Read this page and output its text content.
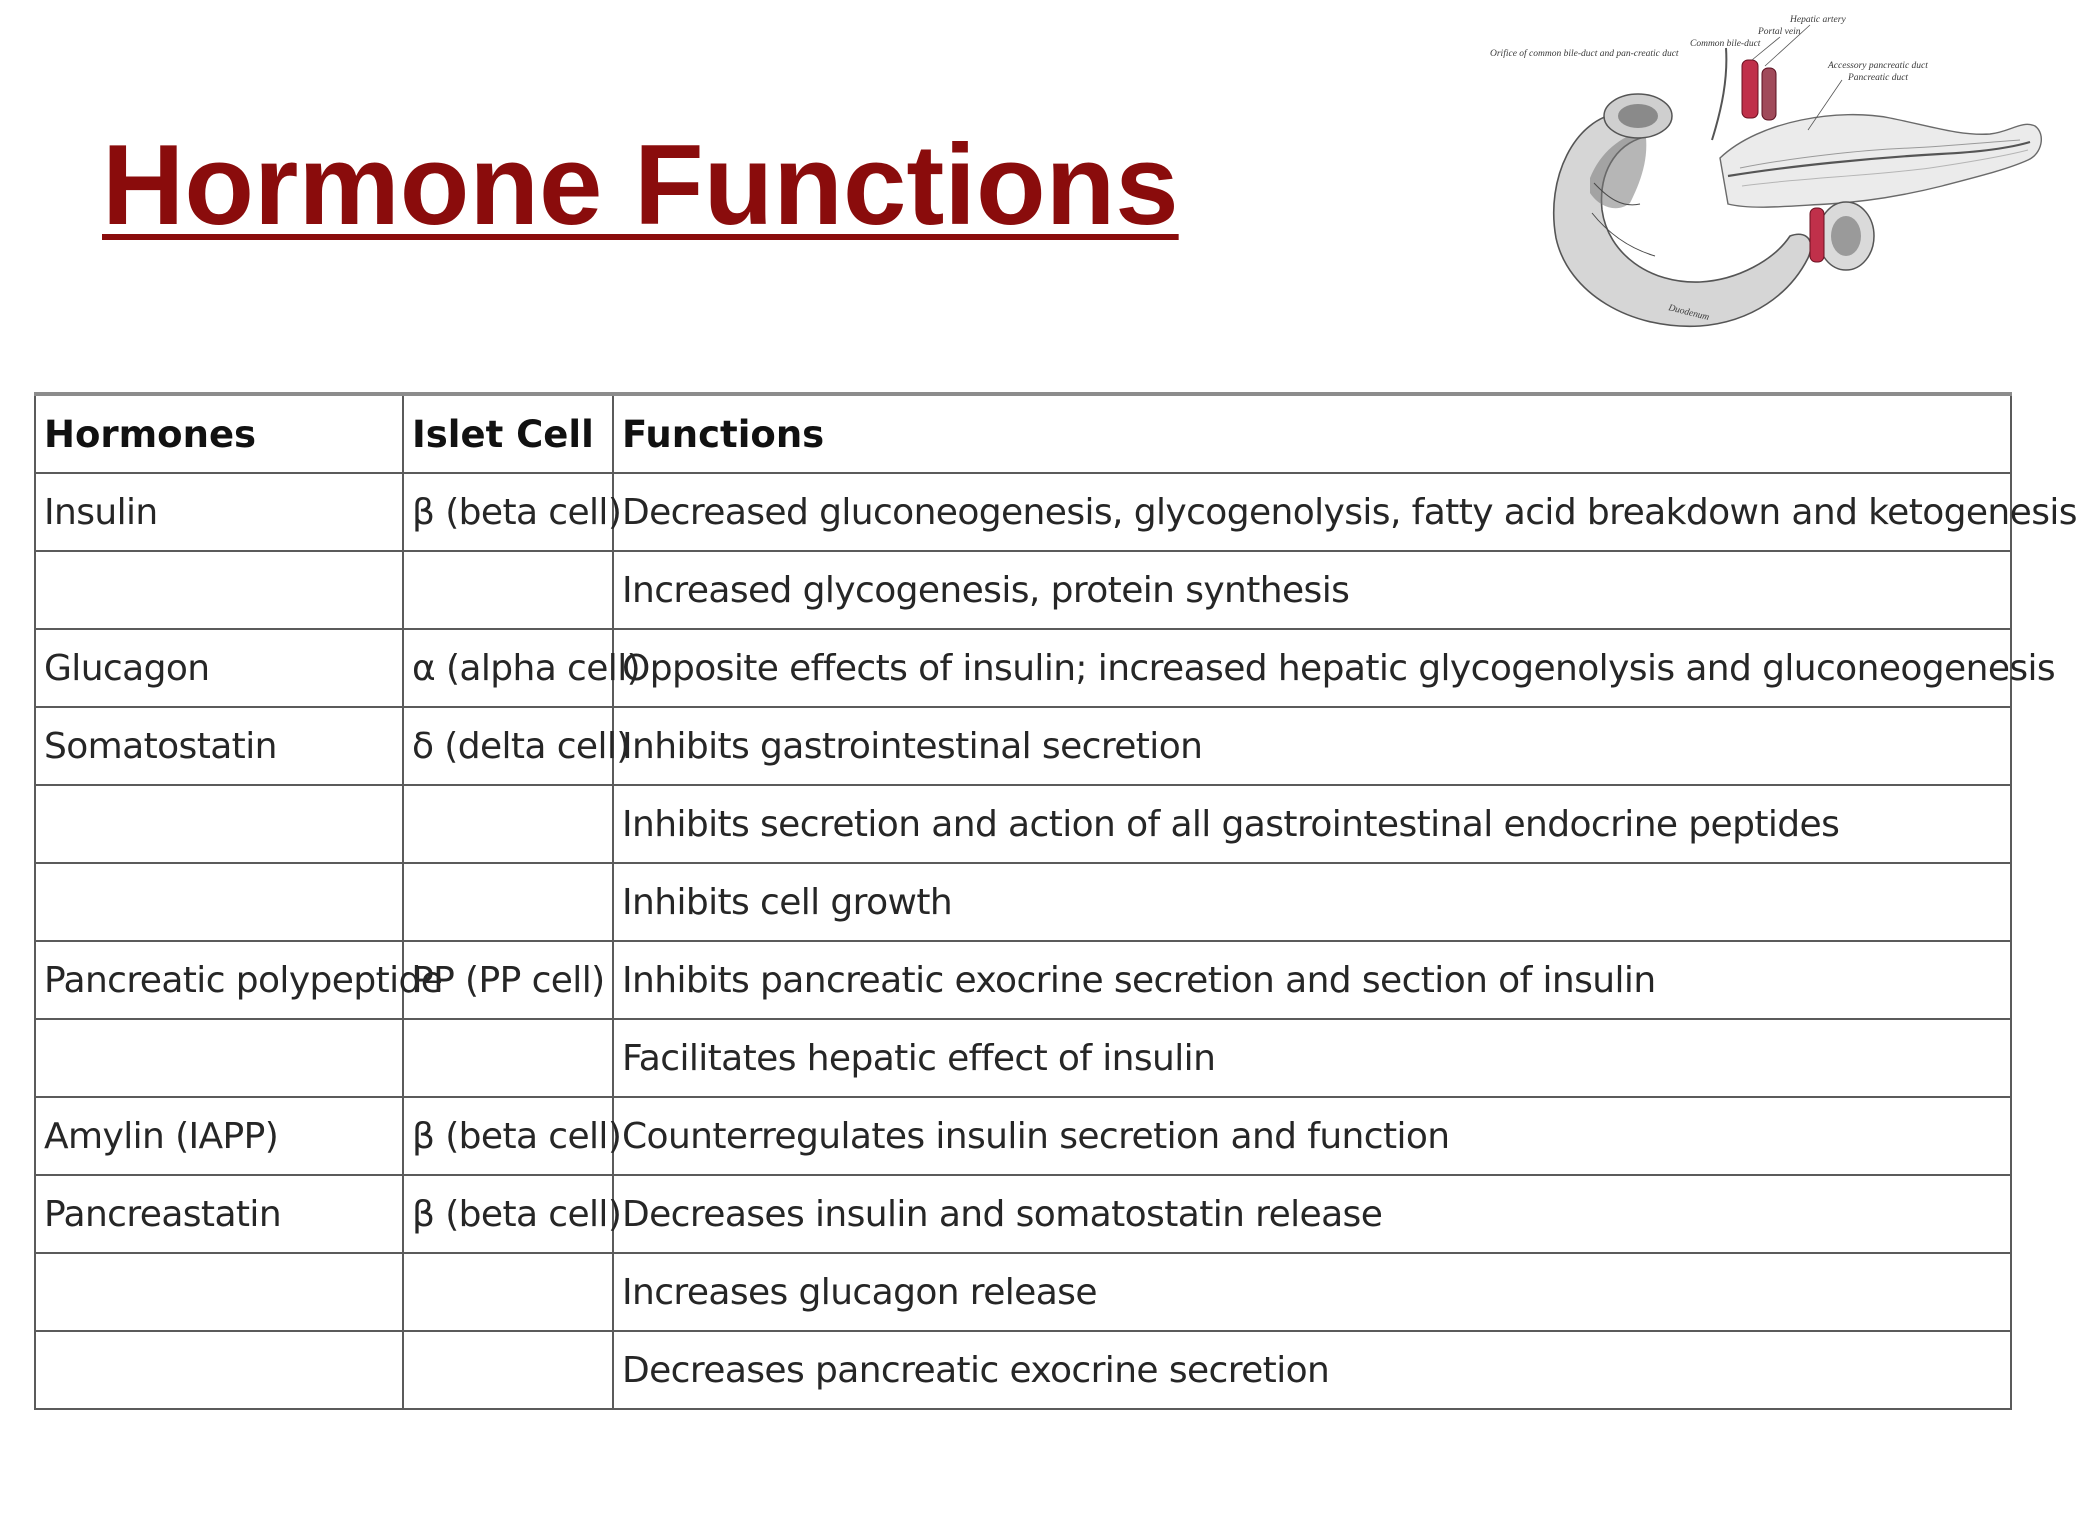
Hormone Functions
Hepatic artery
Portal vein
Common bile-duct
Orifice of common bile-duct and pan-creatic duct
Accessory pancreatic duct
Pancreatic duct
Duodenum
Hormones	Islet Cell	Functions
Insulin	β (beta cell)	Decreased gluconeogenesis, glycogenolysis, fatty acid breakdown and ketogenesis
		Increased glycogenesis, protein synthesis
Glucagon	α (alpha cell)	Opposite effects of insulin; increased hepatic glycogenolysis and gluconeogenesis
Somatostatin	δ (delta cell)	Inhibits gastrointestinal secretion
		Inhibits secretion and action of all gastrointestinal endocrine peptides
		Inhibits cell growth
Pancreatic polypeptide	PP (PP cell)	Inhibits pancreatic exocrine secretion and section of insulin
		Facilitates hepatic effect of insulin
Amylin (IAPP)	β (beta cell)	Counterregulates insulin secretion and function
Pancreastatin	β (beta cell)	Decreases insulin and somatostatin release
		Increases glucagon release
		Decreases pancreatic exocrine secretion
